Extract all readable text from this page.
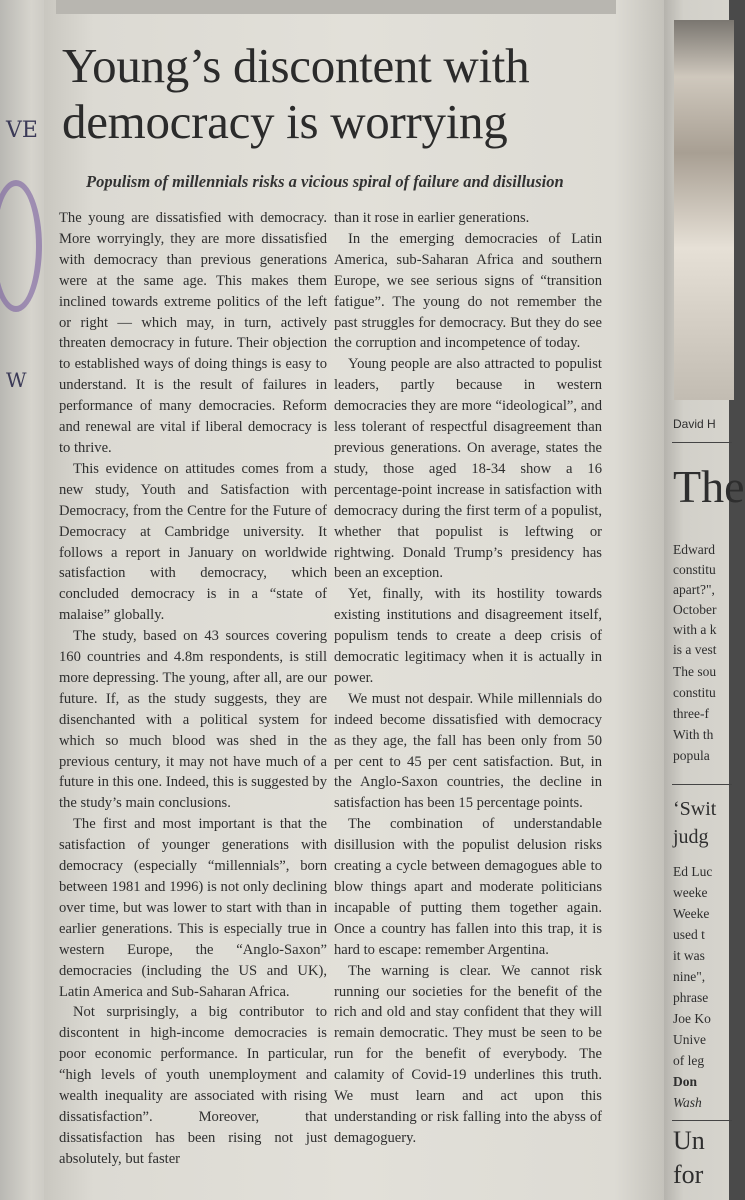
VE
W
Young’s discontent with democracy is worrying

Populism of millennials risks a vicious spiral of failure and disillusion

The young are dissatisfied with democracy. More worryingly, they are more dissatisfied with democracy than previous generations were at the same age. This makes them inclined towards extreme politics of the left or right — which may, in turn, actively threaten democracy in future. Their objection to established ways of doing things is easy to understand. It is the result of failures in performance of many democracies. Reform and renewal are vital if liberal democracy is to thrive.

This evidence on attitudes comes from a new study, Youth and Satisfaction with Democracy, from the Centre for the Future of Democracy at Cambridge university. It follows a report in January on worldwide satisfaction with democracy, which concluded democracy is in a “state of malaise” globally.

The study, based on 43 sources covering 160 countries and 4.8m respondents, is still more depressing. The young, after all, are our future. If, as the study suggests, they are disenchanted with a political system for which so much blood was shed in the previous century, it may not have much of a future in this one. Indeed, this is suggested by the study’s main conclusions.

The first and most important is that the satisfaction of younger generations with democracy (especially “millennials”, born between 1981 and 1996) is not only declining over time, but was lower to start with than in earlier generations. This is especially true in western Europe, the “Anglo-Saxon” democracies (including the US and UK), Latin America and Sub-Saharan Africa.

Not surprisingly, a big contributor to discontent in high-income democracies is poor economic performance. In particular, “high levels of youth unemployment and wealth inequality are associated with rising dissatisfaction”. Moreover, that dissatisfaction has been rising not just absolutely, but faster

than it rose in earlier generations.

In the emerging democracies of Latin America, sub-Saharan Africa and southern Europe, we see serious signs of “transition fatigue”. The young do not remember the past struggles for democracy. But they do see the corruption and incompetence of today.

Young people are also attracted to populist leaders, partly because in western democracies they are more “ideological”, and less tolerant of respectful disagreement than previous generations. On average, states the study, those aged 18-34 show a 16 percentage-point increase in satisfaction with democracy during the first term of a populist, whether that populist is leftwing or rightwing. Donald Trump’s presidency has been an exception.

Yet, finally, with its hostility towards existing institutions and disagreement itself, populism tends to create a deep crisis of democratic legitimacy when it is actually in power.

We must not despair. While millennials do indeed become dissatisfied with democracy as they age, the fall has been only from 50 per cent to 45 per cent satisfaction. But, in the Anglo-Saxon countries, the decline in satisfaction has been 15 percentage points.

The combination of understandable disillusion with the populist delusion risks creating a cycle between demagogues able to blow things apart and moderate politicians incapable of putting them together again. Once a country has fallen into this trap, it is hard to escape: remember Argentina.

The warning is clear. We cannot risk running our societies for the benefit of the rich and old and stay confident that they will remain democratic. They must be seen to be run for the benefit of everybody. The calamity of Covid-19 underlines this truth. We must learn and act upon this understanding or risk falling into the abyss of demagoguery.

David H
The
Edward
constitu
apart?",
October
with a k
is a vest
The sou
constitu
three-f
With th
popula
‘Swit
judg
Ed Luc
weeke
Weeke
used t
it was
nine",
phrase
Joe Ko
Unive
of leg
Don
Wash
Un
for
